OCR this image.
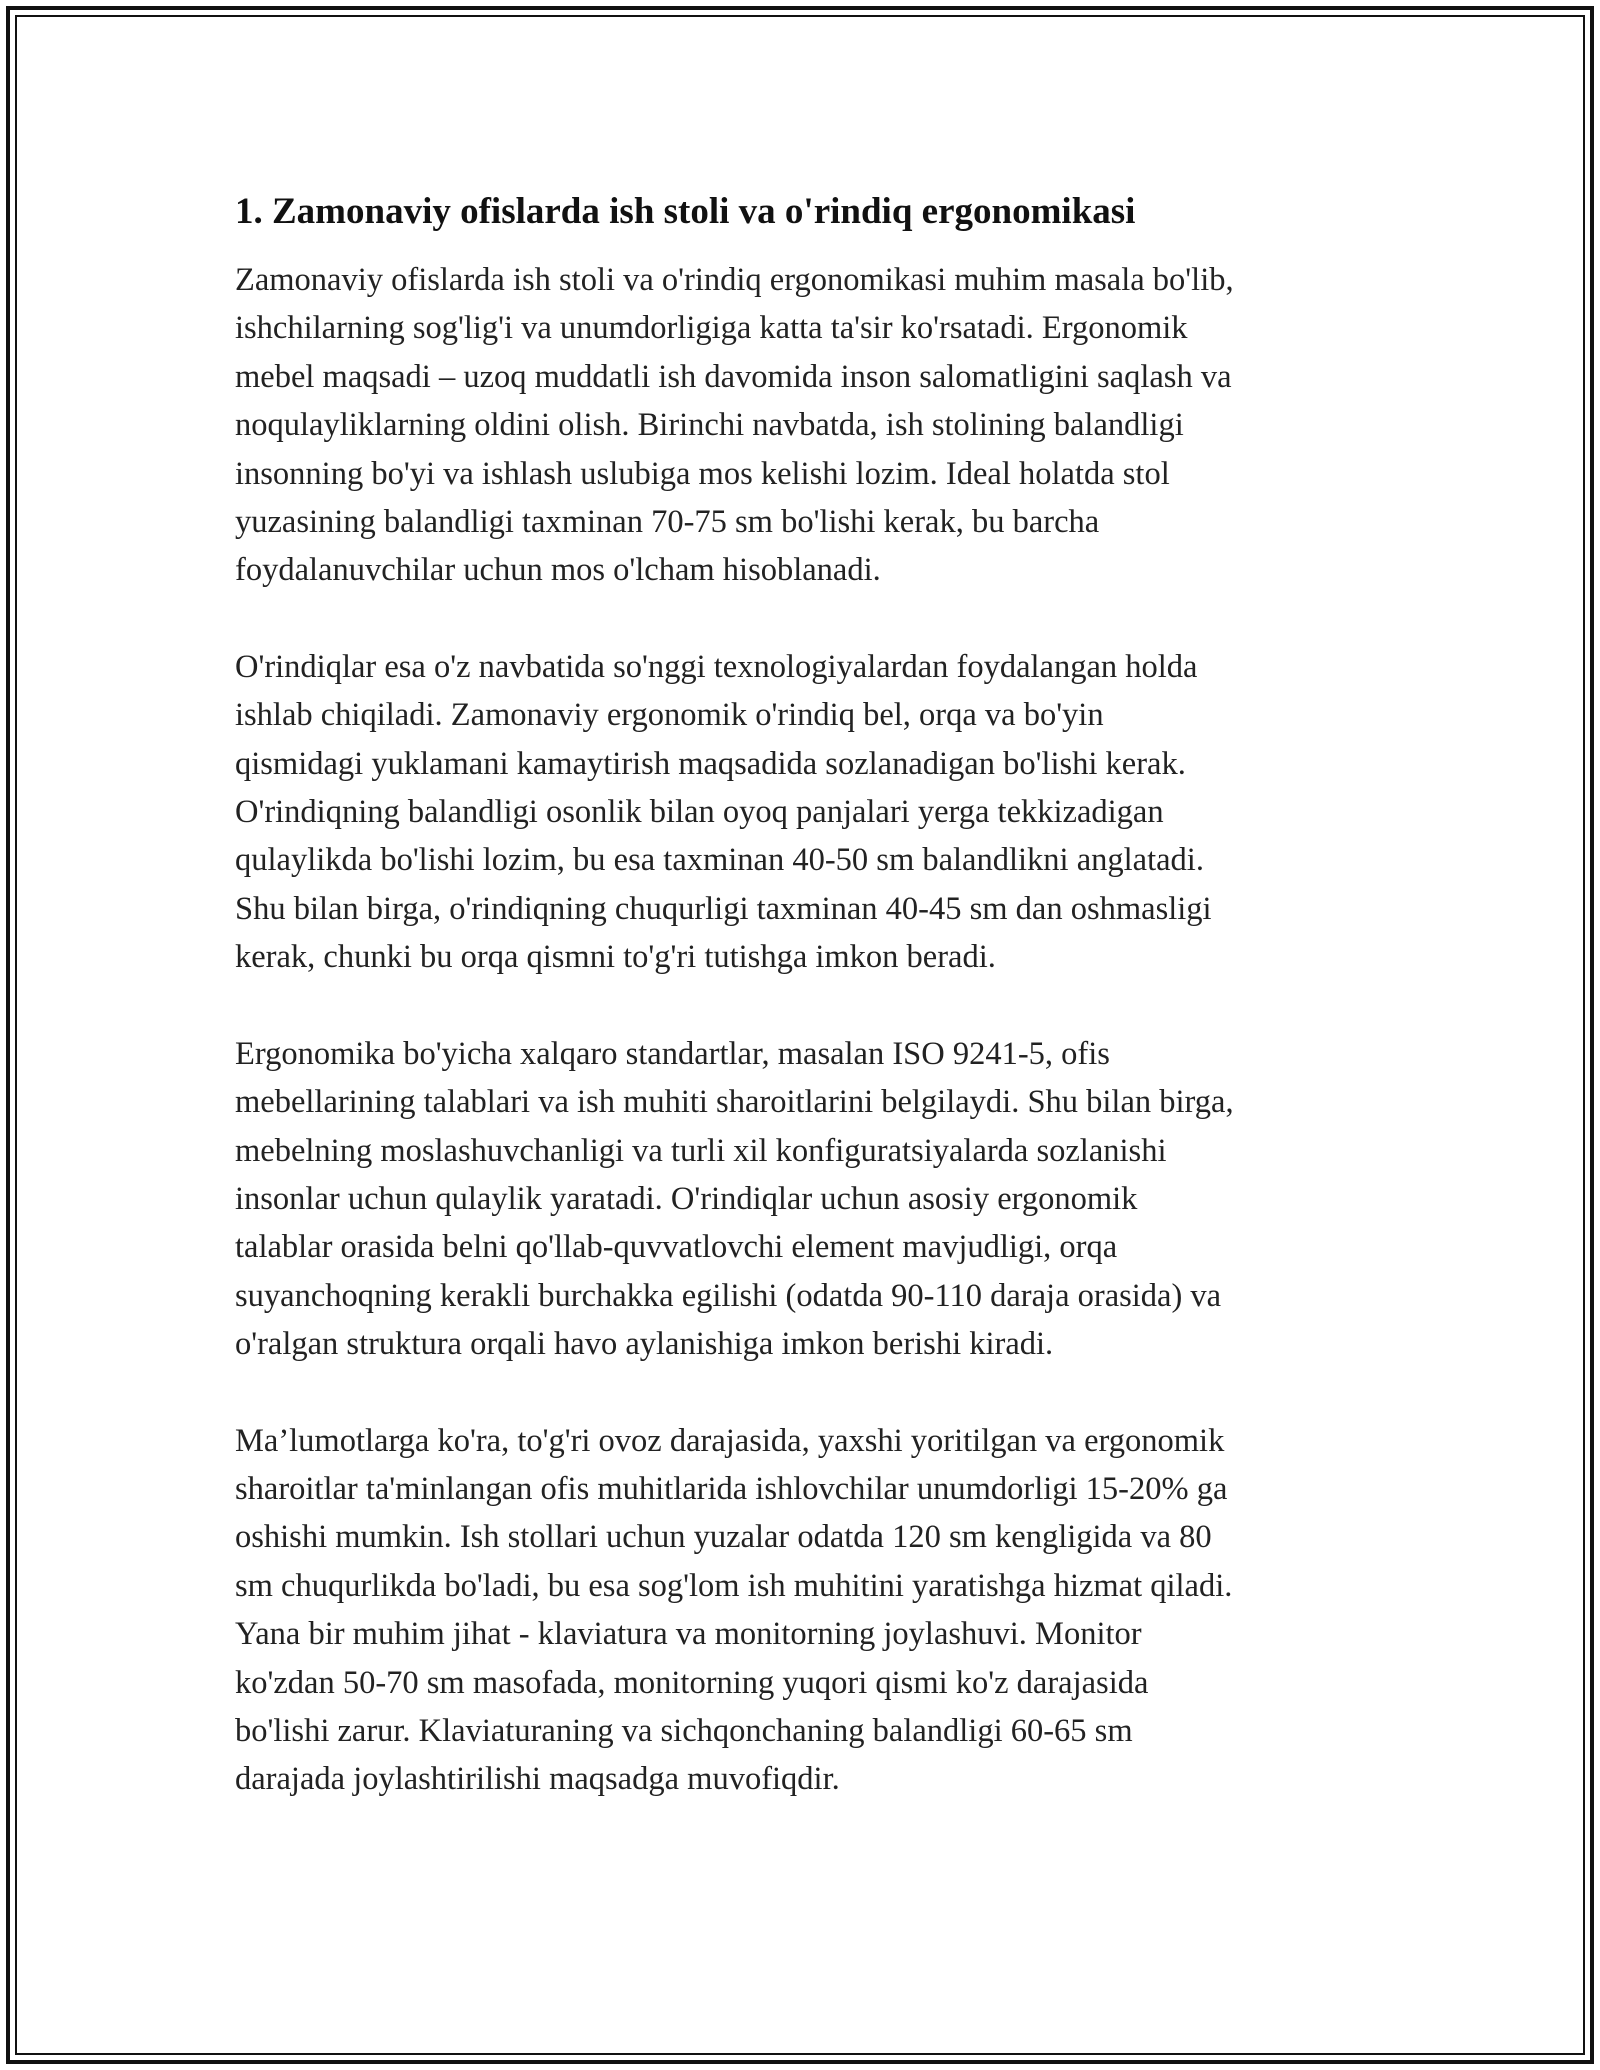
1. Zamonaviy ofislarda ish stoli va o'rindiq ergonomikasi

Zamonaviy ofislarda ish stoli va o'rindiq ergonomikasi muhim masala bo'lib,
ishchilarning sog'lig'i va unumdorligiga katta ta'sir ko'rsatadi. Ergonomik
mebel maqsadi – uzoq muddatli ish davomida inson salomatligini saqlash va
noqulayliklarning oldini olish. Birinchi navbatda, ish stolining balandligi
insonning bo'yi va ishlash uslubiga mos kelishi lozim. Ideal holatda stol
yuzasining balandligi taxminan 70-75 sm bo'lishi kerak, bu barcha
foydalanuvchilar uchun mos o'lcham hisoblanadi.

O'rindiqlar esa o'z navbatida so'nggi texnologiyalardan foydalangan holda
ishlab chiqiladi. Zamonaviy ergonomik o'rindiq bel, orqa va bo'yin
qismidagi yuklamani kamaytirish maqsadida sozlanadigan bo'lishi kerak.
O'rindiqning balandligi osonlik bilan oyoq panjalari yerga tekkizadigan
qulaylikda bo'lishi lozim, bu esa taxminan 40-50 sm balandlikni anglatadi.
Shu bilan birga, o'rindiqning chuqurligi taxminan 40-45 sm dan oshmasligi
kerak, chunki bu orqa qismni to'g'ri tutishga imkon beradi.

Ergonomika bo'yicha xalqaro standartlar, masalan ISO 9241-5, ofis
mebellarining talablari va ish muhiti sharoitlarini belgilaydi. Shu bilan birga,
mebelning moslashuvchanligi va turli xil konfiguratsiyalarda sozlanishi
insonlar uchun qulaylik yaratadi. O'rindiqlar uchun asosiy ergonomik
talablar orasida belni qo'llab-quvvatlovchi element mavjudligi, orqa
suyanchoqning kerakli burchakka egilishi (odatda 90-110 daraja orasida) va
o'ralgan struktura orqali havo aylanishiga imkon berishi kiradi.

Ma’lumotlarga ko'ra, to'g'ri ovoz darajasida, yaxshi yoritilgan va ergonomik
sharoitlar ta'minlangan ofis muhitlarida ishlovchilar unumdorligi 15-20% ga
oshishi mumkin. Ish stollari uchun yuzalar odatda 120 sm kengligida va 80
sm chuqurlikda bo'ladi, bu esa sog'lom ish muhitini yaratishga hizmat qiladi.
Yana bir muhim jihat - klaviatura va monitorning joylashuvi. Monitor
ko'zdan 50-70 sm masofada, monitorning yuqori qismi ko'z darajasida
bo'lishi zarur. Klaviaturaning va sichqonchaning balandligi 60-65 sm
darajada joylashtirilishi maqsadga muvofiqdir.
